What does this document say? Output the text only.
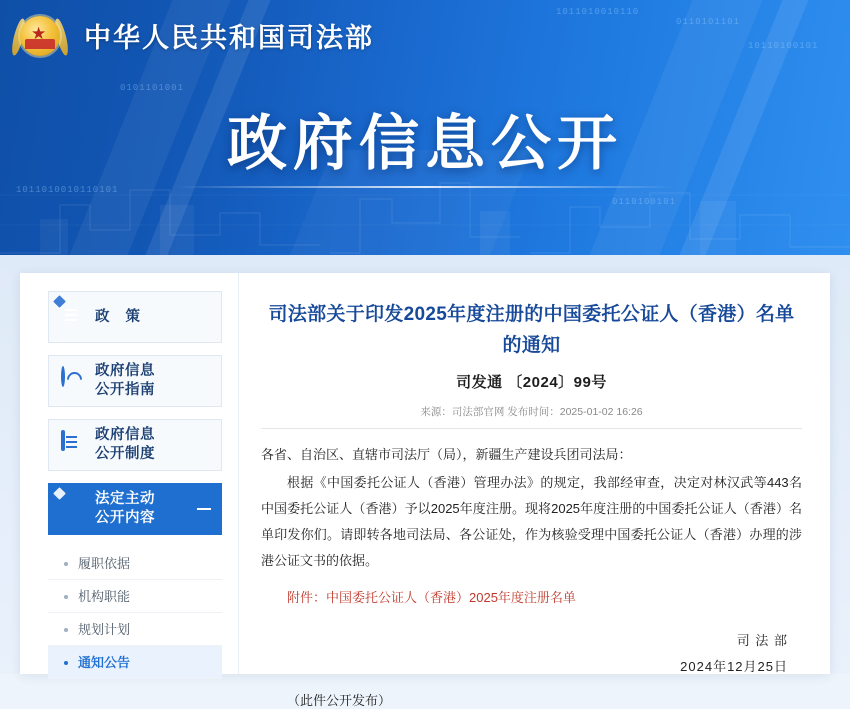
1011010010110
0110101101
10110100101
0101101001
1011010010110101
0110100101
★ 中华人民共和国司法部
政府信息公开
政策
政府信息
公开指南
政府信息
公开制度
法定主动
公开内容
履职依据
机构职能
规划计划
通知公告
司法部关于印发2025年度注册的中国委托公证人（香港）名单的通知
司发通 〔2024〕99号
来源：司法部官网 发布时间：2025-01-02 16:26

各省、自治区、直辖市司法厅（局），新疆生产建设兵团司法局：

根据《中国委托公证人（香港）管理办法》的规定，我部经审查，决定对林汉武等443名中国委托公证人（香港）予以2025年度注册。现将2025年度注册的中国委托公证人（香港）名单印发你们。请即转各地司法局、各公证处，作为核验受理中国委托公证人（香港）办理的涉港公证文书的依据。

附件：中国委托公证人（香港）2025年度注册名单
司 法 部
2024年12月25日
（此件公开发布）
